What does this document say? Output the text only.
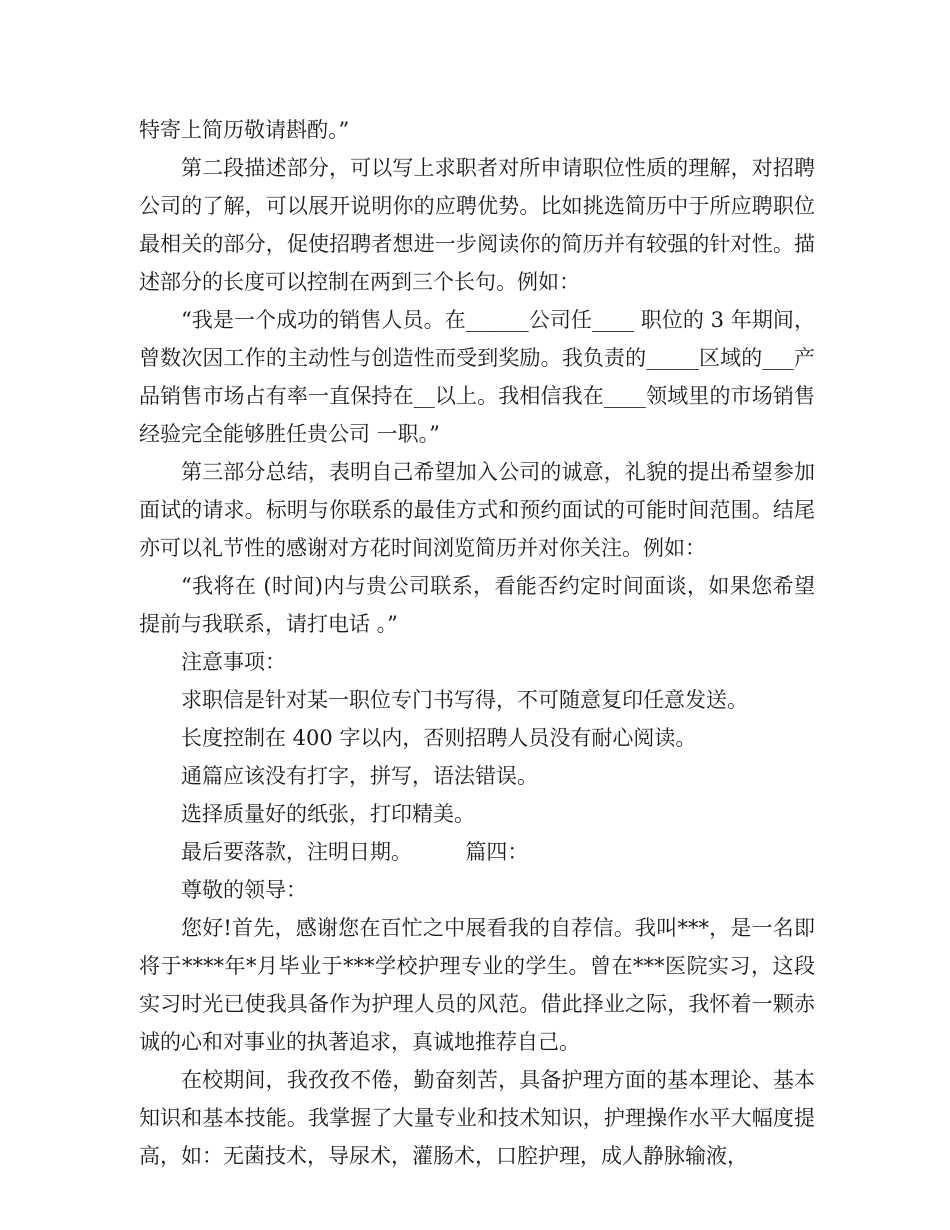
特寄上简历敬请斟酌。”

第二段描述部分，可以写上求职者对所申请职位性质的理解，对招聘公司的了解，可以展开说明你的应聘优势。比如挑选简历中于所应聘职位最相关的部分，促使招聘者想进一步阅读你的简历并有较强的针对性。描述部分的长度可以控制在两到三个长句。例如：

“我是一个成功的销售人员。在______公司任____ 职位的 3 年期间，曾数次因工作的主动性与创造性而受到奖励。我负责的_____区域的___产品销售市场占有率一直保持在__以上。我相信我在____领域里的市场销售经验完全能够胜任贵公司 一职。”

第三部分总结，表明自己希望加入公司的诚意，礼貌的提出希望参加面试的请求。标明与你联系的最佳方式和预约面试的可能时间范围。结尾亦可以礼节性的感谢对方花时间浏览简历并对你关注。例如：

“我将在 (时间)内与贵公司联系，看能否约定时间面谈，如果您希望提前与我联系，请打电话 。”

注意事项：

求职信是针对某一职位专门书写得，不可随意复印任意发送。

长度控制在 400 字以内，否则招聘人员没有耐心阅读。

通篇应该没有打字，拼写，语法错误。

选择质量好的纸张，打印精美。

最后要落款，注明日期。        篇四：

尊敬的领导：

您好!首先，感谢您在百忙之中展看我的自荐信。我叫***，是一名即将于****年*月毕业于***学校护理专业的学生。曾在***医院实习，这段实习时光已使我具备作为护理人员的风范。借此择业之际，我怀着一颗赤诚的心和对事业的执著追求，真诚地推荐自己。

在校期间，我孜孜不倦，勤奋刻苦，具备护理方面的基本理论、基本知识和基本技能。我掌握了大量专业和技术知识，护理操作水平大幅度提高，如：无菌技术，导尿术，灌肠术，口腔护理，成人静脉输液，
